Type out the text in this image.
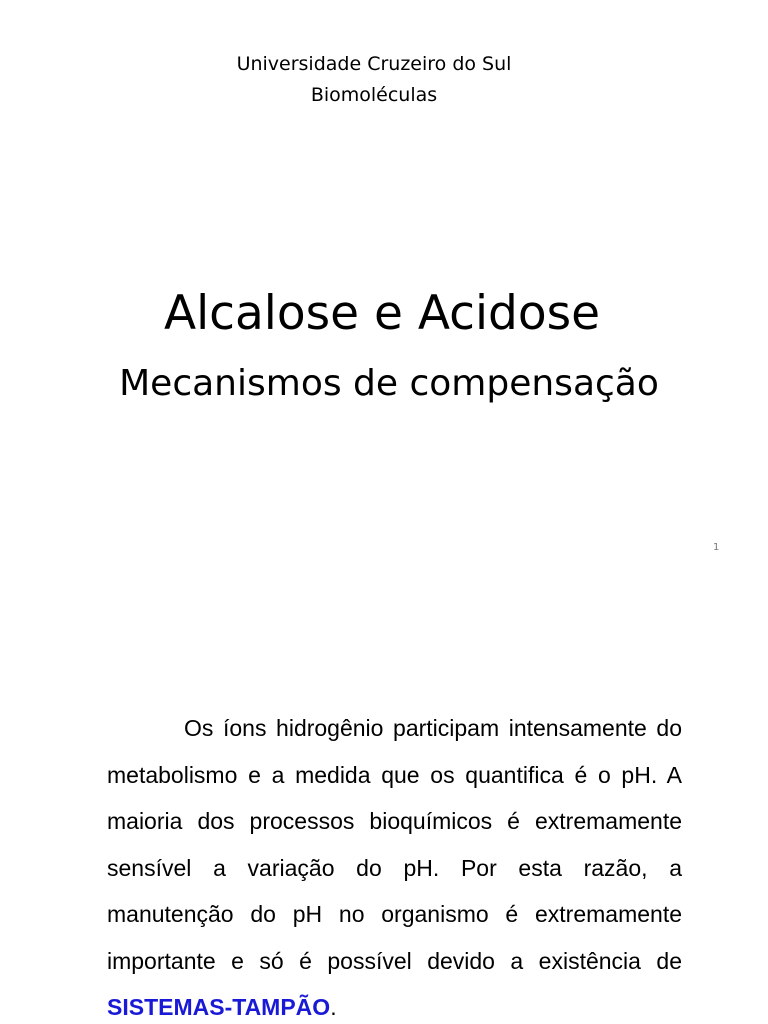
Universidade Cruzeiro do Sul
Biomoléculas
Alcalose e Acidose
Mecanismos de compensação
1

Os íons hidrogênio participam intensamente do metabolismo e a medida que os quantifica é o pH. A maioria dos processos bioquímicos é extremamente sensível a variação do pH. Por esta razão, a manutenção do pH no organismo é extremamente importante e só é possível devido a existência de SISTEMAS-TAMPÃO.
